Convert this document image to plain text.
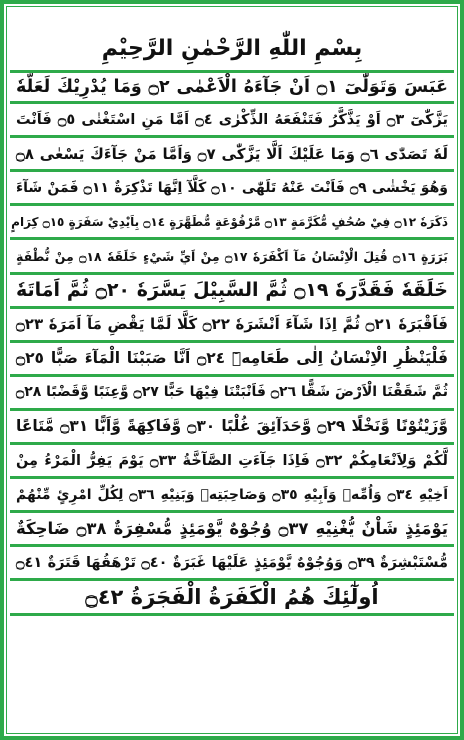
بِسْمِ اللّٰهِ الرَّحْمٰنِ الرَّحِيْمِ
عَبَسَ وَتَوَلّٰىٓ ۝١ اَنْ جَآءَهُ الْاَعْمٰى ۝٢ وَمَا يُدْرِيْكَ لَعَلَّهٗ
يَزَّكّٰىٓ ۝٣ اَوْ يَذَّكَّرُ فَتَنْفَعَهُ الذِّكْرٰى ۝٤ اَمَّا مَنِ اسْتَغْنٰى ۝٥ فَاَنْتَ
لَهٗ تَصَدّٰى ۝٦ وَمَا عَلَيْكَ اَلَّا يَزَّكّٰى ۝٧ وَاَمَّا مَنْ جَآءَكَ يَسْعٰى ۝٨
وَهُوَ يَخْشٰى ۝٩ فَاَنْتَ عَنْهُ تَلَهّٰى ۝١٠ كَلَّآ اِنَّهَا تَذْكِرَةٌ ۝١١ فَمَنْ شَآءَ
ذَكَرَهٗ ۝١٢ فِيْ صُحُفٍ مُّكَرَّمَةٍ ۝١٣ مَّرْفُوْعَةٍ مُّطَهَّرَةٍ ۝١٤ بِاَيْدِيْ سَفَرَةٍ ۝١٥ كِرَامٍ
بَرَرَةٍ ۝١٦ قُتِلَ الْاِنْسَانُ مَآ اَكْفَرَهٗ ۝١٧ مِنْ اَيِّ شَيْءٍ خَلَقَهٗ ۝١٨ مِنْ نُّطْفَةٍ
خَلَقَهٗ فَقَدَّرَهٗ ۝١٩ ثُمَّ السَّبِيْلَ يَسَّرَهٗ ۝٢٠ ثُمَّ اَمَاتَهٗ
فَاَقْبَرَهٗ ۝٢١ ثُمَّ اِذَا شَآءَ اَنْشَرَهٗ ۝٢٢ كَلَّا لَمَّا يَقْضِ مَآ اَمَرَهٗ ۝٢٣
فَلْيَنْظُرِ الْاِنْسَانُ اِلٰى طَعَامِهٖٓ ۝٢٤ اَنَّا صَبَبْنَا الْمَآءَ صَبًّا ۝٢٥
ثُمَّ شَقَقْنَا الْاَرْضَ شَقًّا ۝٢٦ فَاَنْبَتْنَا فِيْهَا حَبًّا ۝٢٧ وَّعِنَبًا وَّقَضْبًا ۝٢٨
وَّزَيْتُوْنًا وَّنَخْلًا ۝٢٩ وَّحَدَآئِقَ غُلْبًا ۝٣٠ وَّفَاكِهَةً وَّاَبًّا ۝٣١ مَّتَاعًا
لَّكُمْ وَلِاَنْعَامِكُمْ ۝٣٢ فَاِذَا جَآءَتِ الصَّآخَّةُ ۝٣٣ يَوْمَ يَفِرُّ الْمَرْءُ مِنْ
اَخِيْهِ ۝٣٤ وَاُمِّهٖ وَاَبِيْهِ ۝٣٥ وَصَاحِبَتِهٖ وَبَنِيْهِ ۝٣٦ لِكُلِّ امْرِئٍ مِّنْهُمْ
يَوْمَئِذٍ شَاْنٌ يُّغْنِيْهِ ۝٣٧ وُجُوْهٌ يَّوْمَئِذٍ مُّسْفِرَةٌ ۝٣٨ ضَاحِكَةٌ
مُّسْتَبْشِرَةٌ ۝٣٩ وَوُجُوْهٌ يَّوْمَئِذٍ عَلَيْهَا غَبَرَةٌ ۝٤٠ تَرْهَقُهَا قَتَرَةٌ ۝٤١
اُولٰٓئِكَ هُمُ الْكَفَرَةُ الْفَجَرَةُ ۝٤٢
